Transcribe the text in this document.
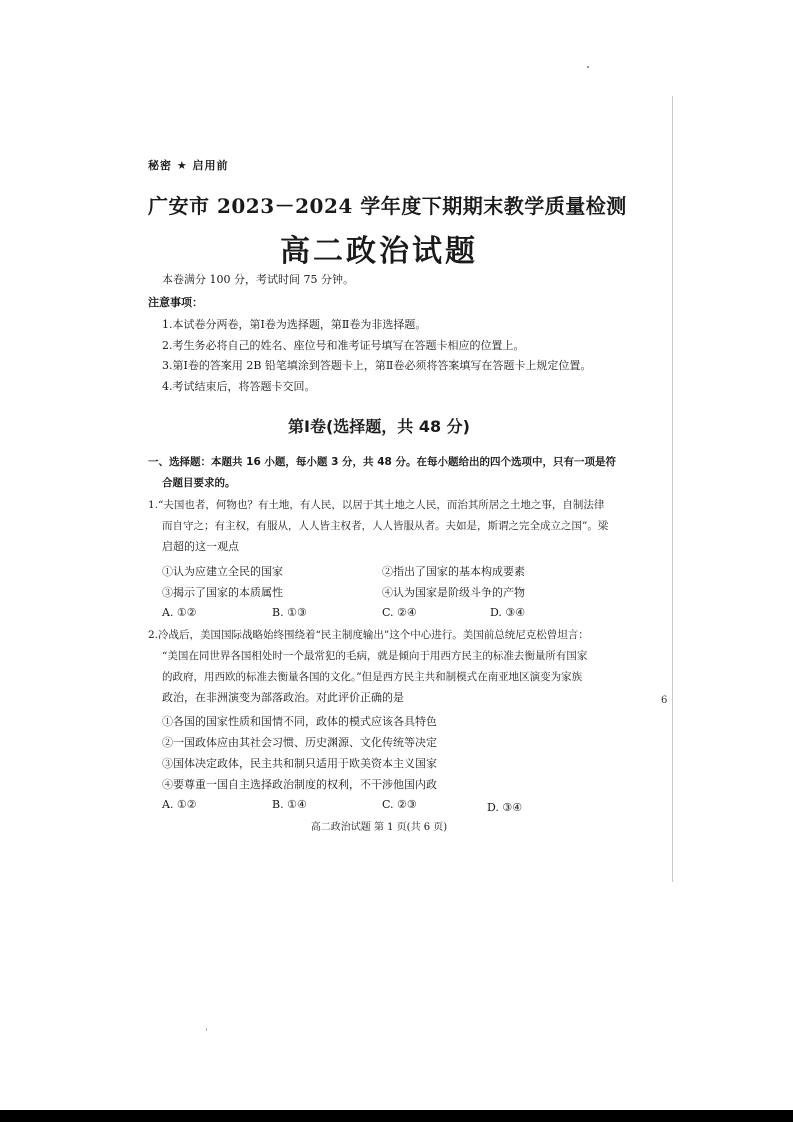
6
秘密 ★ 启用前
广安市 2023－2024 学年度下期期末教学质量检测
高二政治试题
本卷满分 100 分，考试时间 75 分钟。
注意事项：
1.本试卷分两卷，第Ⅰ卷为选择题，第Ⅱ卷为非选择题。
2.考生务必将自己的姓名、座位号和准考证号填写在答题卡相应的位置上。
3.第Ⅰ卷的答案用 2B 铅笔填涂到答题卡上，第Ⅱ卷必须将答案填写在答题卡上规定位置。
4.考试结束后，将答题卡交回。
第Ⅰ卷(选择题，共 48 分)
一、选择题：本题共 16 小题，每小题 3 分，共 48 分。在每小题给出的四个选项中，只有一项是符
合题目要求的。
1.“夫国也者，何物也？有土地，有人民，以居于其土地之人民，而治其所居之土地之事，自制法律
而自守之；有主权，有服从，人人皆主权者，人人皆服从者。夫如是，斯谓之完全成立之国”。梁
启超的这一观点
①认为应建立全民的国家	②指出了国家的基本构成要素
③揭示了国家的本质属性	④认为国家是阶级斗争的产物
A. ①②	B. ①③	C. ②④	D. ③④
2.冷战后，美国国际战略始终围绕着“民主制度输出”这个中心进行。美国前总统尼克松曾坦言：
“美国在同世界各国相处时一个最常犯的毛病，就是倾向于用西方民主的标准去衡量所有国家
的政府，用西欧的标准去衡量各国的文化。”但是西方民主共和制模式在南亚地区演变为家族
政治，在非洲演变为部落政治。对此评价正确的是
①各国的国家性质和国情不同，政体的模式应该各具特色
②一国政体应由其社会习惯、历史渊源、文化传统等决定
③国体决定政体，民主共和制只适用于欧美资本主义国家
④要尊重一国自主选择政治制度的权利，不干涉他国内政
A. ①②	B. ①④	C. ②③	D. ③④
高二政治试题 第 1 页(共 6 页)
